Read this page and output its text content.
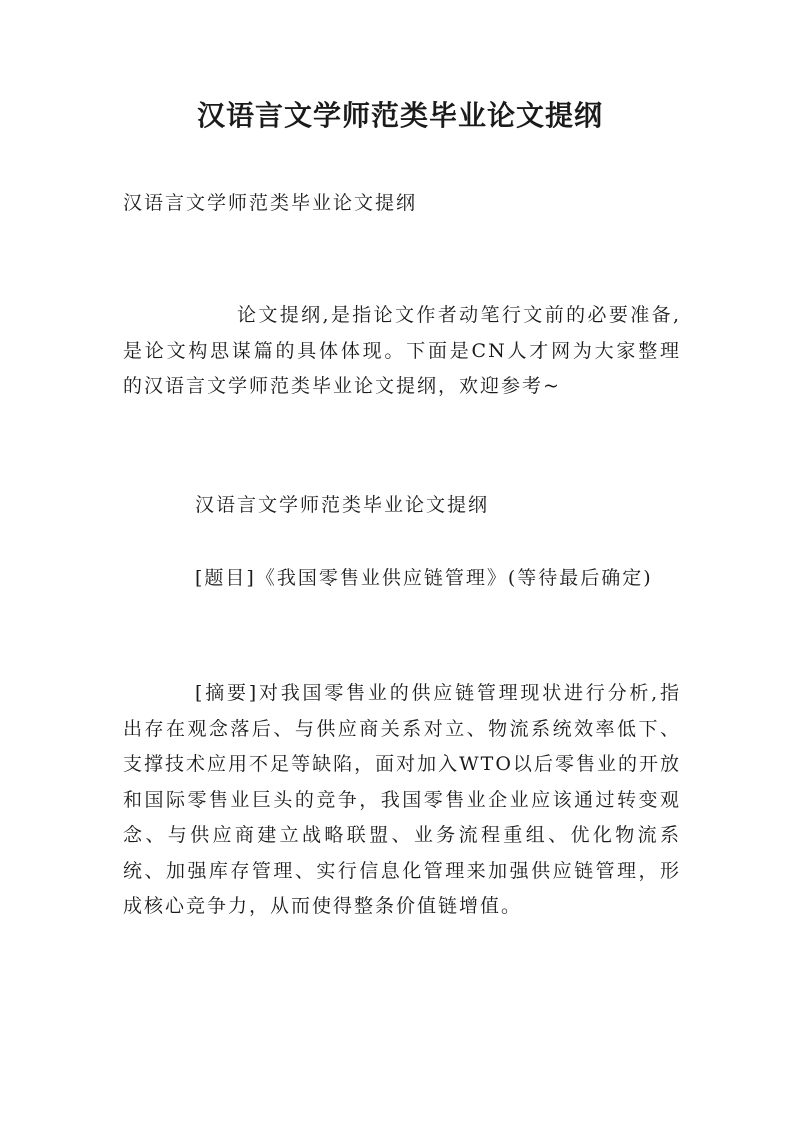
汉语言文学师范类毕业论文提纲
汉语言文学师范类毕业论文提纲
论文提纲,是指论文作者动笔行文前的必要准备,是论文构思谋篇的具体体现。下面是CN人才网为大家整理的汉语言文学师范类毕业论文提纲，欢迎参考~
汉语言文学师范类毕业论文提纲
[题目]《我国零售业供应链管理》(等待最后确定)
[摘要]对我国零售业的供应链管理现状进行分析,指出存在观念落后、与供应商关系对立、物流系统效率低下、支撑技术应用不足等缺陷，面对加入WTO以后零售业的开放和国际零售业巨头的竞争，我国零售业企业应该通过转变观念、与供应商建立战略联盟、业务流程重组、优化物流系统、加强库存管理、实行信息化管理来加强供应链管理，形成核心竞争力，从而使得整条价值链增值。
